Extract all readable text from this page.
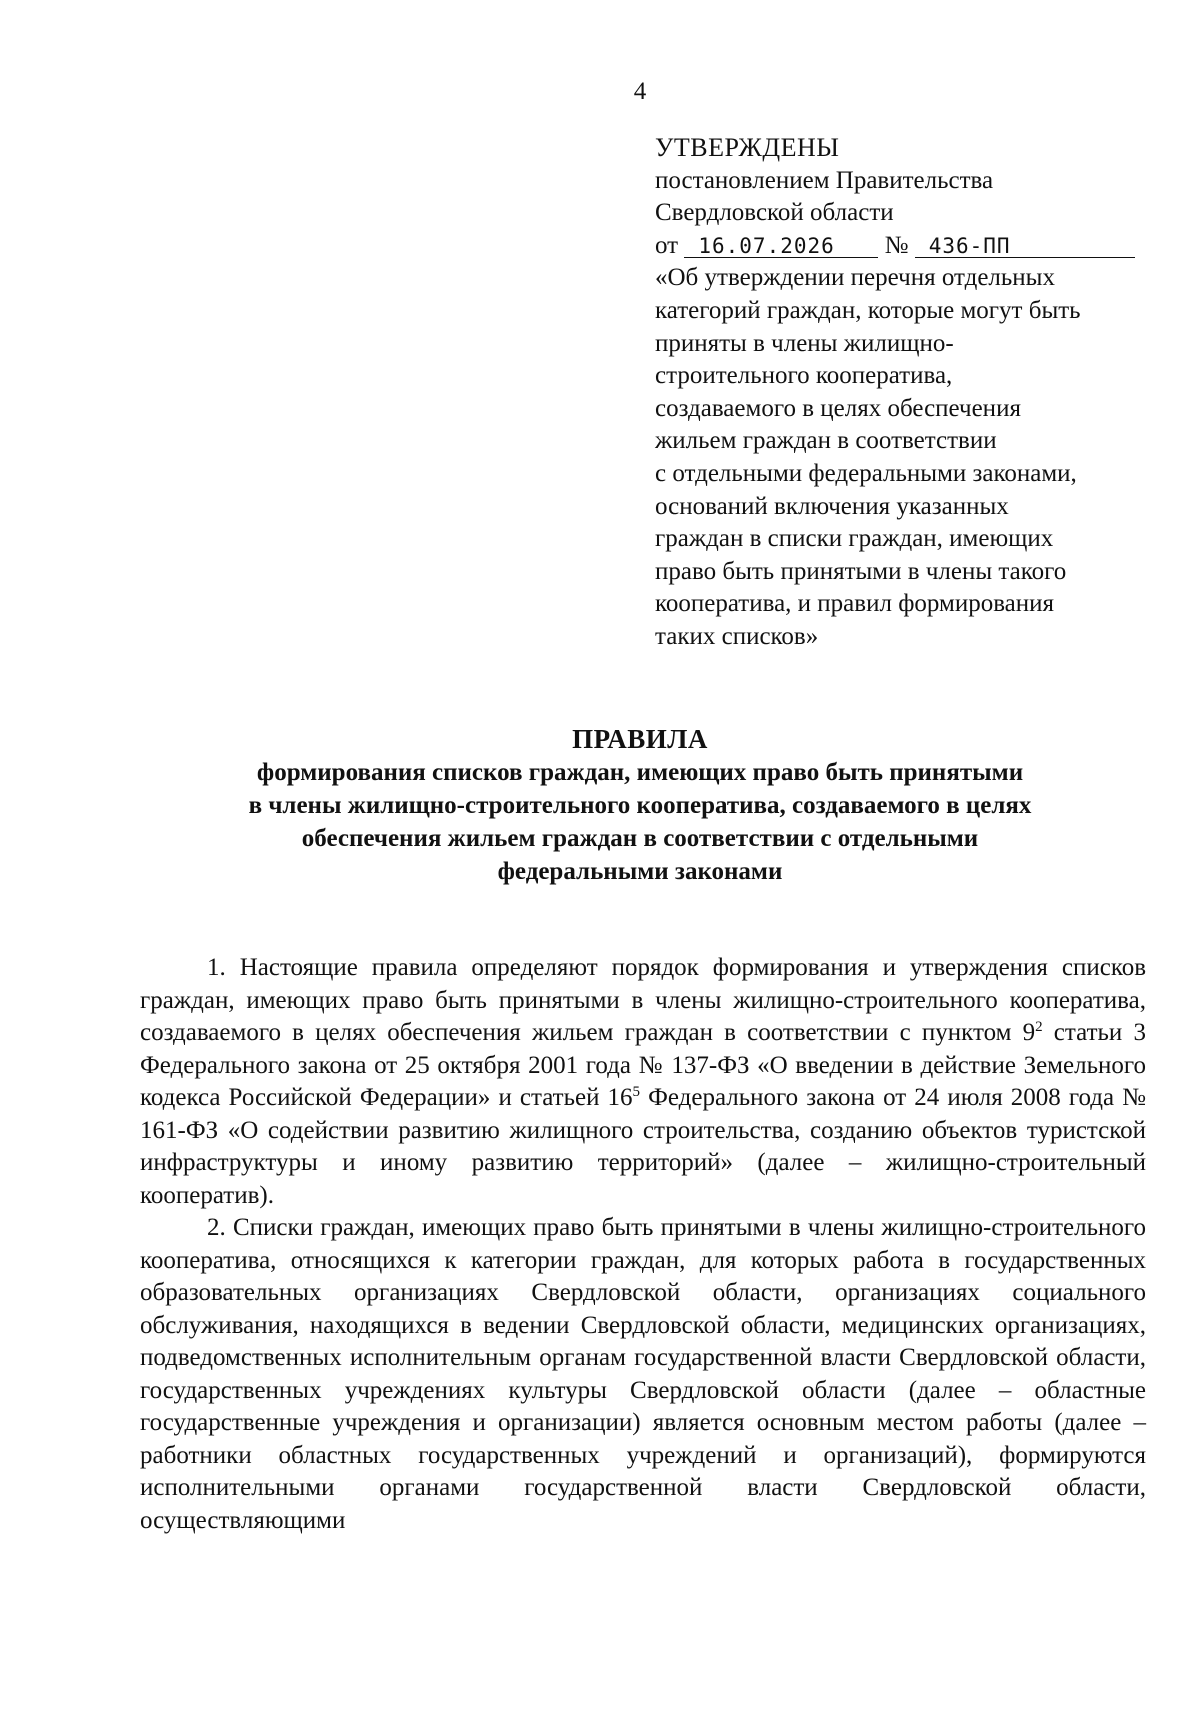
4
УТВЕРЖДЕНЫ
постановлением Правительства
Свердловской области
от 16.07.2026 № 436-ПП
«Об утверждении перечня отдельных
категорий граждан, которые могут быть
приняты в члены жилищно-
строительного кооператива,
создаваемого в целях обеспечения
жильем граждан в соответствии
с отдельными федеральными законами,
оснований включения указанных
граждан в списки граждан, имеющих
право быть принятыми в члены такого
кооператива, и правил формирования
таких списков»
ПРАВИЛА
формирования списков граждан, имеющих право быть принятыми
в члены жилищно-строительного кооператива, создаваемого в целях
обеспечения жильем граждан в соответствии с отдельными
федеральными законами

1. Настоящие правила определяют порядок формирования и утверждения списков граждан, имеющих право быть принятыми в члены жилищно-строительного кооператива, создаваемого в целях обеспечения жильем граждан в соответствии с пунктом $9^2$ статьи 3 Федерального закона от 25 октября 2001 года № 137-ФЗ «О введении в действие Земельного кодекса Российской Федерации» и статьей $16^5$ Федерального закона от 24 июля 2008 года № 161-ФЗ «О содействии развитию жилищного строительства, созданию объектов туристской инфраструктуры и иному развитию территорий» (далее – жилищно-строительный кооператив).

2. Списки граждан, имеющих право быть принятыми в члены жилищно-строительного кооператива, относящихся к категории граждан, для которых работа в государственных образовательных организациях Свердловской области, организациях социального обслуживания, находящихся в ведении Свердловской области, медицинских организациях, подведомственных исполнительным органам государственной власти Свердловской области, государственных учреждениях культуры Свердловской области (далее – областные государственные учреждения и организации) является основным местом работы (далее – работники областных государственных учреждений и организаций), формируются исполнительными органами государственной власти Свердловской области, осуществляющими
